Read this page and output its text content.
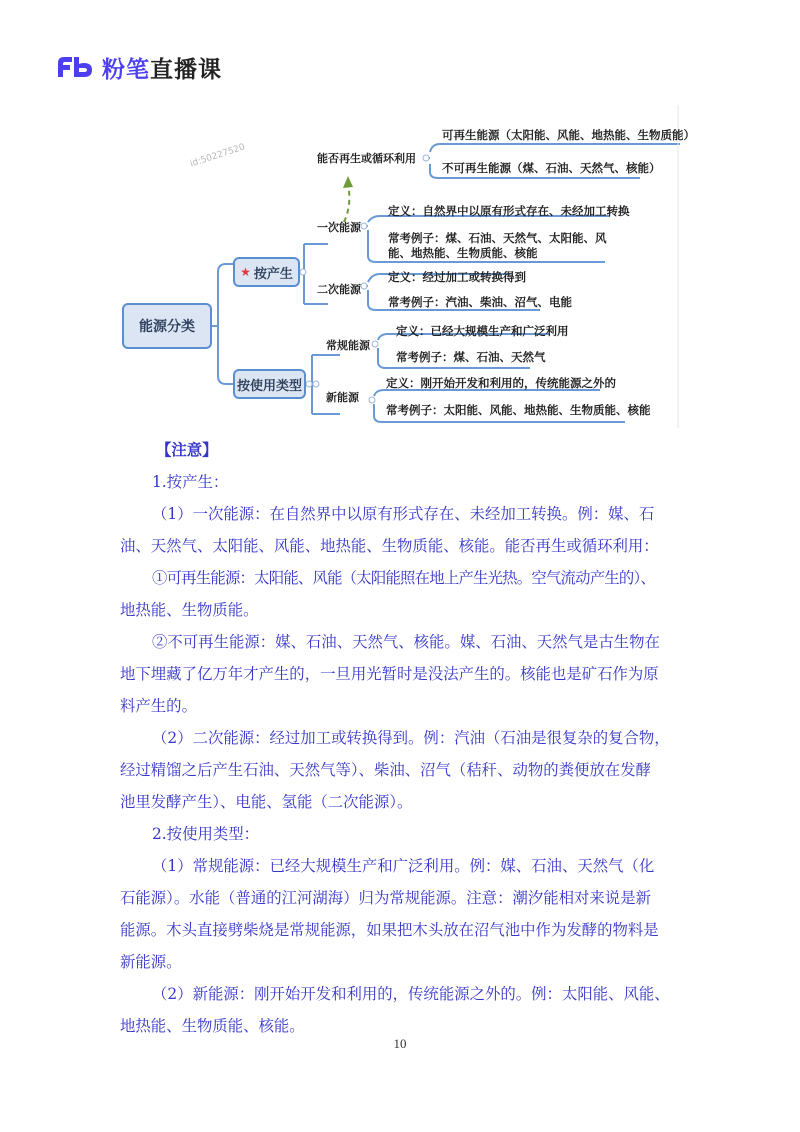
粉笔直播课
id:50227520
能源分类
★ 按产生
按使用类型
能否再生或循环利用
可再生能源（太阳能、风能、地热能、生物质能）
不可再生能源（煤、石油、天然气、核能）
一次能源
定义：自然界中以原有形式存在、未经加工转换
常考例子：煤、石油、天然气、太阳能、风
能、地热能、生物质能、核能
二次能源
定义：经过加工或转换得到
常考例子：汽油、柴油、沼气、电能
常规能源
定义：已经大规模生产和广泛利用
常考例子：煤、石油、天然气
新能源
定义：刚开始开发和利用的，传统能源之外的
常考例子：太阳能、风能、地热能、生物质能、核能
【注意】
1.按产生：
（1）一次能源：在自然界中以原有形式存在、未经加工转换。例：媒、石
油、天然气、太阳能、风能、地热能、生物质能、核能。能否再生或循环利用：
①可再生能源：太阳能、风能（太阳能照在地上产生光热。空气流动产生的）、
地热能、生物质能。
②不可再生能源：媒、石油、天然气、核能。媒、石油、天然气是古生物在
地下埋藏了亿万年才产生的，一旦用光暂时是没法产生的。核能也是矿石作为原
料产生的。
（2）二次能源：经过加工或转换得到。例：汽油（石油是很复杂的复合物，
经过精馏之后产生石油、天然气等）、柴油、沼气（秸秆、动物的粪便放在发酵
池里发酵产生）、电能、氢能（二次能源）。
2.按使用类型：
（1）常规能源：已经大规模生产和广泛利用。例：媒、石油、天然气（化
石能源）。水能（普通的江河湖海）归为常规能源。注意：潮汐能相对来说是新
能源。木头直接劈柴烧是常规能源，如果把木头放在沼气池中作为发酵的物料是
新能源。
（2）新能源：刚开始开发和利用的，传统能源之外的。例：太阳能、风能、
地热能、生物质能、核能。
10
